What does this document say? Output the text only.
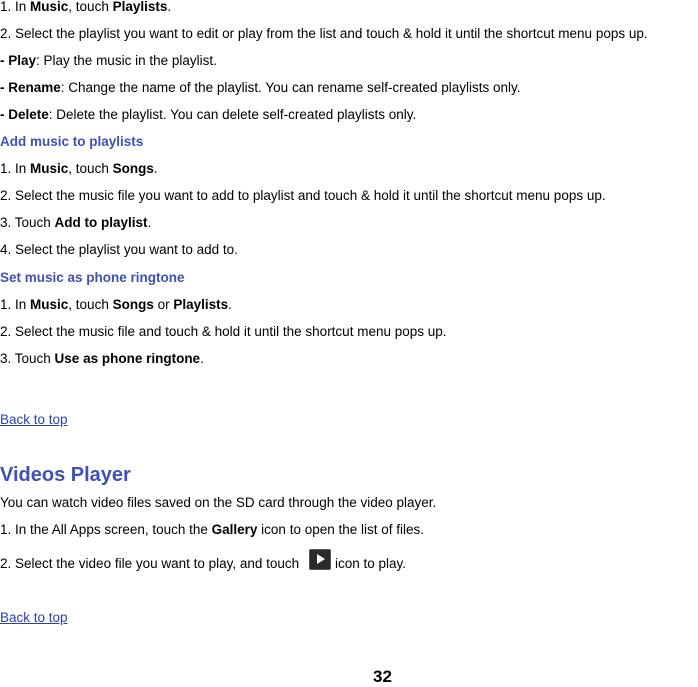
1. In Music, touch Playlists.
2. Select the playlist you want to edit or play from the list and touch & hold it until the shortcut menu pops up.
- Play: Play the music in the playlist.
- Rename: Change the name of the playlist. You can rename self-created playlists only.
- Delete: Delete the playlist. You can delete self-created playlists only.
Add music to playlists
1. In Music, touch Songs.
2. Select the music file you want to add to playlist and touch & hold it until the shortcut menu pops up.
3. Touch Add to playlist.
4. Select the playlist you want to add to.
Set music as phone ringtone
1. In Music, touch Songs or Playlists.
2. Select the music file and touch & hold it until the shortcut menu pops up.
3. Touch Use as phone ringtone.
Back to top
Videos Player
You can watch video files saved on the SD card through the video player.
1. In the All Apps screen, touch the Gallery icon to open the list of files.
2. Select the video file you want to play, and touch icon to play.
Back to top
32
